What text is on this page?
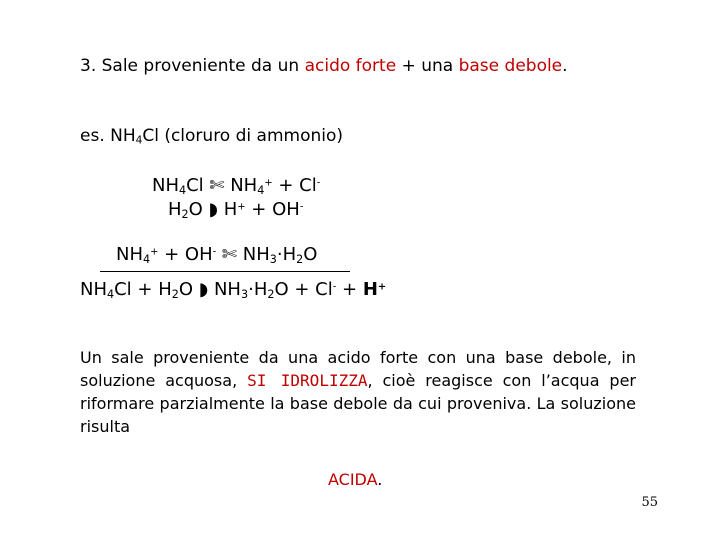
3. Sale proveniente da un acido forte + una base debole.
es. $NH_4Cl$ (cloruro di ammonio)
$NH_4Cl$ ✄ $NH_4^+ + Cl^-$
$H_2O$ ◗ H+ + OH-
$NH_4^+ + OH^-$ ✄ $NH_3\cdot H_2O$
$NH_4Cl + H_2O$ ◗ $NH_3\cdot H_2O + Cl^- + H^+$
Un sale proveniente da una acido forte con una base debole, in soluzione acquosa, SI IDROLIZZA, cioè reagisce con l’acqua per riformare parzialmente la base debole da cui proveniva. La soluzione risulta
ACIDA.
55
